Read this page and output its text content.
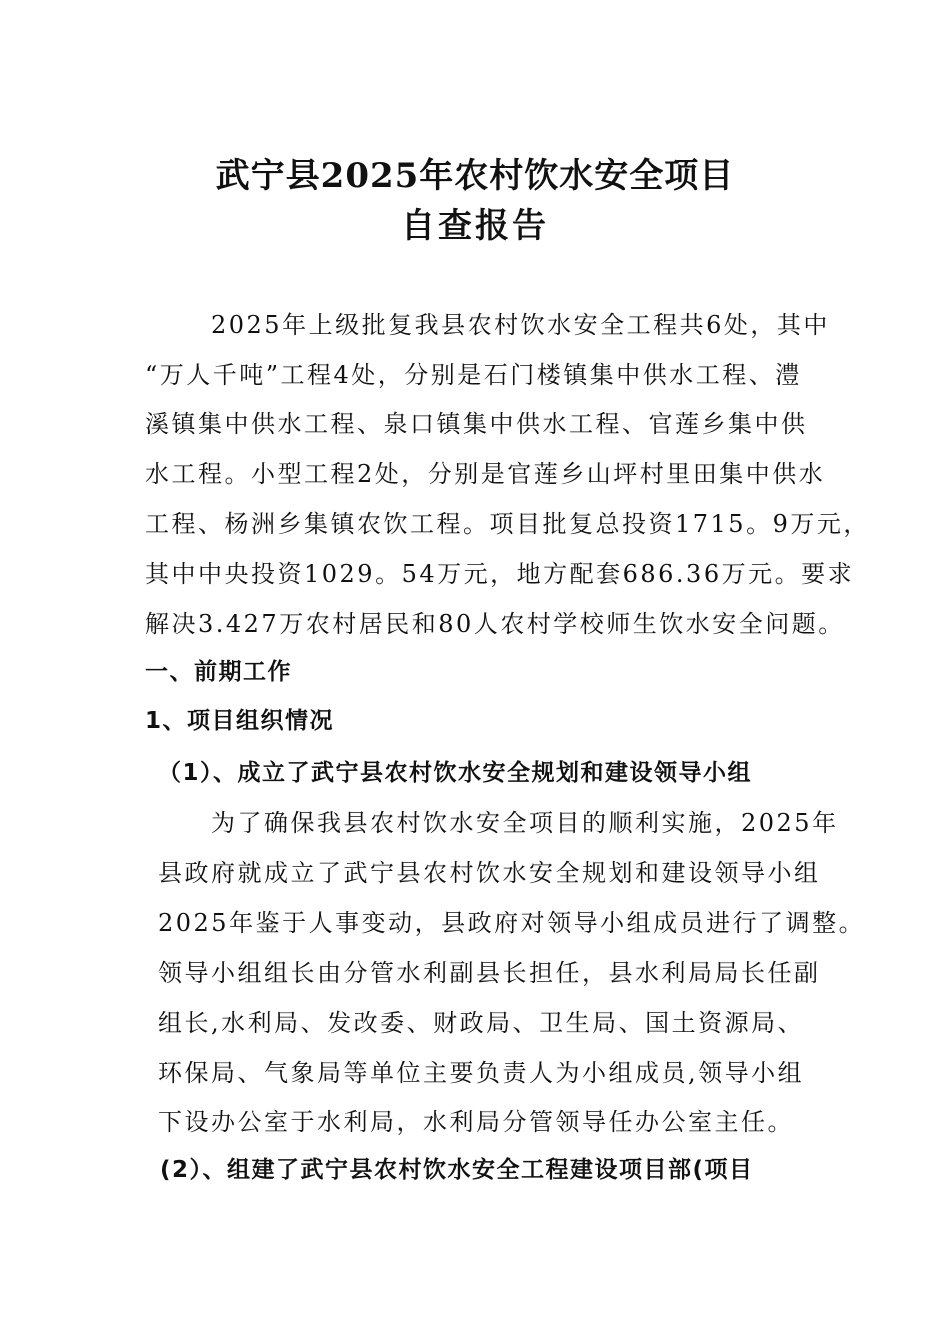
武宁县2025年农村饮水安全项目
自查报告
2025年上级批复我县农村饮水安全工程共6处，其中
“万人千吨”工程4处，分别是石门楼镇集中供水工程、澧
溪镇集中供水工程、泉口镇集中供水工程、官莲乡集中供
水工程。小型工程2处，分别是官莲乡山坪村里田集中供水
工程、杨洲乡集镇农饮工程。项目批复总投资1715。9万元，
其中中央投资1029。54万元，地方配套686.36万元。要求
解决3.427万农村居民和80人农村学校师生饮水安全问题。
一、前期工作
1、项目组织情况
（1）、成立了武宁县农村饮水安全规划和建设领导小组
为了确保我县农村饮水安全项目的顺利实施，2025年
县政府就成立了武宁县农村饮水安全规划和建设领导小组
2025年鉴于人事变动，县政府对领导小组成员进行了调整。
领导小组组长由分管水利副县长担任，县水利局局长任副
组长,水利局、发改委、财政局、卫生局、国土资源局、
环保局、气象局等单位主要负责人为小组成员,领导小组
下设办公室于水利局，水利局分管领导任办公室主任。
(2）、组建了武宁县农村饮水安全工程建设项目部(项目
